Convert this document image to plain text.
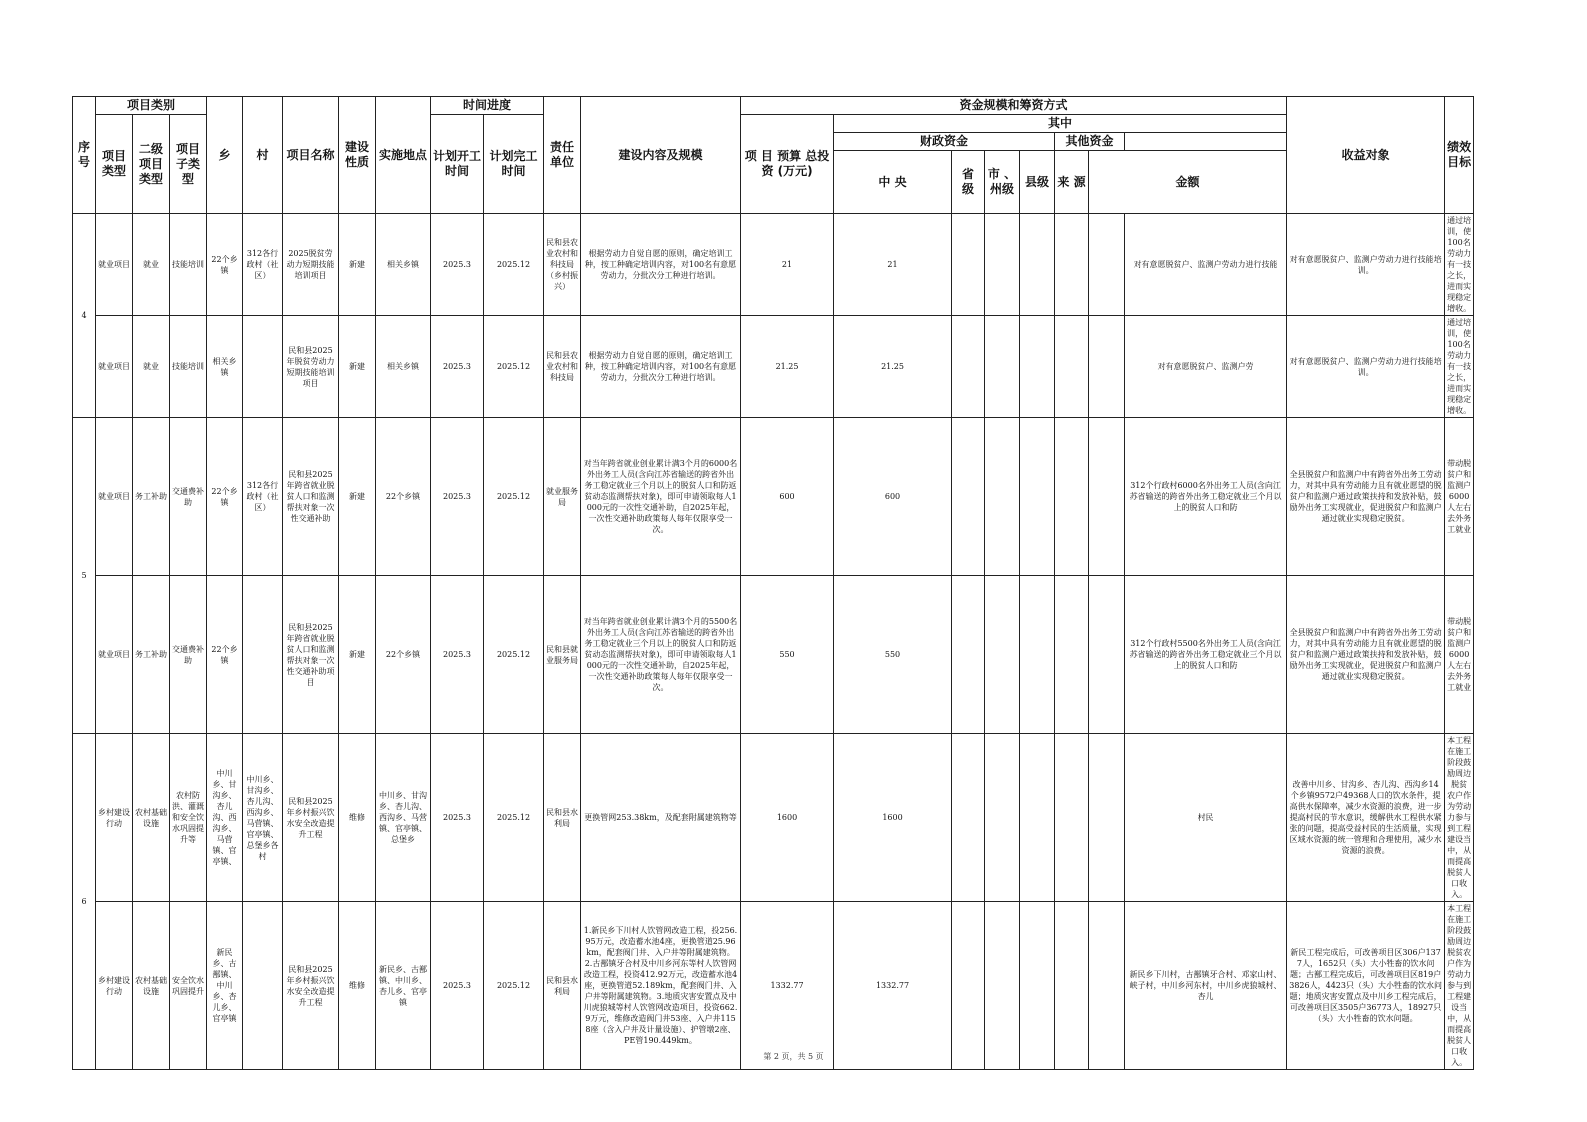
序号	项目类别			乡	村	项目名称	建设性质	实施地点	时间进度		责任单位	建设内容及规模	资金规模和筹资方式								收益对象	绩效目标		
	项目类型	二级项目类型	项目子类型						计划开工时间	计划完工时间			项 目 预算 总投 资 (万元)	其中									
														财政资金				其他资金					
														中 央	省 级	市 、 州级	县级	来 源	金额				
4	就业项目	就业	技能培训	22个乡镇	312各行政村（社区）	2025脱贫劳动力短期技能培训项目	新建	相关乡镇	2025.3	2025.12	民和县农业农村和科技局（乡村振兴）	根据劳动力自觉自愿的原则，确定培训工种，按工种确定培训内容，对100名有意愿劳动力，分批次分工种进行培训。	21	21						对有意愿脱贫户、监测户劳动力进行技能	对有意愿脱贫户、监测户劳动力进行技能培训。	通过培训，使100名劳动力有一技之长，进而实现稳定增收。	
	就业项目	就业	技能培训	相关乡镇		民和县2025年脱贫劳动力短期技能培训项目	新建	相关乡镇	2025.3	2025.12	民和县农业农村和科技局	根据劳动力自觉自愿的原则，确定培训工种，按工种确定培训内容，对100名有意愿劳动力，分批次分工种进行培训。	21.25	21.25						对有意愿脱贫户、监测户劳	对有意愿脱贫户、监测户劳动力进行技能培训。	通过培训，使100名劳动力有一技之长，进而实现稳定增收。	
5	就业项目	务工补助	交通费补助	22个乡镇	312各行政村（社区）	民和县2025年跨省就业脱贫人口和监测帮扶对象一次性交通补助	新建	22个乡镇	2025.3	2025.12	就业服务局	对当年跨省就业创业累计满3个月的6000名外出务工人员(含向江苏省输送的跨省外出务工稳定就业三个月以上的脱贫人口和防返贫动态监测帮扶对象)，即可申请领取每人1000元的一次性交通补助，自2025年起，一次性交通补助政策每人每年仅限享受一次。	600	600						312个行政村6000名外出务工人员(含向江苏省输送的跨省外出务工稳定就业三个月以上的脱贫人口和防	全县脱贫户和监测户中有跨省外出务工劳动力，对其中具有劳动能力且有就业愿望的脱贫户和监测户通过政策扶持和发放补贴，鼓励外出务工实现就业，促进脱贫户和监测户通过就业实现稳定脱贫。	带动脱贫户和监测户6000人左右去外务工就业	
	就业项目	务工补助	交通费补助	22个乡镇		民和县2025年跨省就业脱贫人口和监测帮扶对象一次性交通补助项目	新建	22个乡镇	2025.3	2025.12	民和县就业服务局	对当年跨省就业创业累计满3个月的5500名外出务工人员(含向江苏省输送的跨省外出务工稳定就业三个月以上的脱贫人口和防返贫动态监测帮扶对象)，即可申请领取每人1000元的一次性交通补助，自2025年起，一次性交通补助政策每人每年仅限享受一次。	550	550						312个行政村5500名外出务工人员(含向江苏省输送的跨省外出务工稳定就业三个月以上的脱贫人口和防	全县脱贫户和监测户中有跨省外出务工劳动力，对其中具有劳动能力且有就业愿望的脱贫户和监测户通过政策扶持和发放补贴，鼓励外出务工实现就业，促进脱贫户和监测户通过就业实现稳定脱贫。	带动脱贫户和监测户6000人左右去外务工就业	
6	乡村建设行动	农村基础设施	农村防洪、灌溉和安全饮水巩固提升等	中川乡、甘沟乡、杏儿沟、西沟乡、马营镇、官亭镇、	中川乡、甘沟乡、杏儿沟、西沟乡、马营镇、官亭镇、总堡乡各村	民和县2025年乡村振兴饮水安全改造提升工程	维修	中川乡、甘沟乡、杏儿沟、西沟乡、马营镇、官亭镇、总堡乡	2025.3	2025.12	民和县水利局	更换管网253.38km，及配套附属建筑物等	1600	1600						村民	改善中川乡、甘沟乡、杏儿沟、西沟乡14个乡镇9572户49368人口的饮水条件，提高供水保障率，减少水资源的浪费，进一步提高村民的节水意识，缓解供水工程供水紧张的问题，提高受益村民的生活质量，实现区域水资源的统一管理和合理使用，减少水资源的浪费。	本工程在施工阶段鼓励周边脱贫 农户作为劳动力参与到工程建设当中，从而提高脱贫人口收入。	
	乡村建设行动	农村基础设施	安全饮水巩固提升	新民乡、古鄯镇、中川乡、杏儿乡、官亭镇		民和县2025年乡村振兴饮水安全改造提升工程	维修	新民乡、古鄯镇、中川乡、杏儿乡、官亭镇	2025.3	2025.12	民和县水利局	1.新民乡下川村人饮管网改造工程，投256.95万元，改造蓄水池4座，更换管道25.96km，配套阀门井、入户井等附属建筑物。2.古鄯镇牙合村及中川乡河东等村人饮管网改造工程，投资412.92万元，改造蓄水池4座，更换管道52.189km，配套阀门井、入户井等附属建筑物。3.地质灾害安置点及中川虎狼城等村人饮管网改造项目，投资662.9万元，维修改造阀门井53座、入户井1158座（含入户井及计量设施）、护管墩2座、PE管190.449km。	1332.77	1332.77						新民乡下川村，古鄯镇牙合村、邓家山村、峡子村，中川乡河东村，中川乡虎狼城村、杏儿	新民工程完成后，可改善项目区306户1377人，1652只（头）大小牲畜的饮水问题；古鄯工程完成后，可改善项目区819户3826人，4423只（头）大小牲畜的饮水问题；地质灾害安置点及中川乡工程完成后，可改善项目区3505户36773人，18927只（头）大小牲畜的饮水问题。	本工程在施工阶段鼓励周边脱贫农户作为劳动力参与到工程建设当中，从而提高脱贫人口收入。	
第 2 页，共 5 页
